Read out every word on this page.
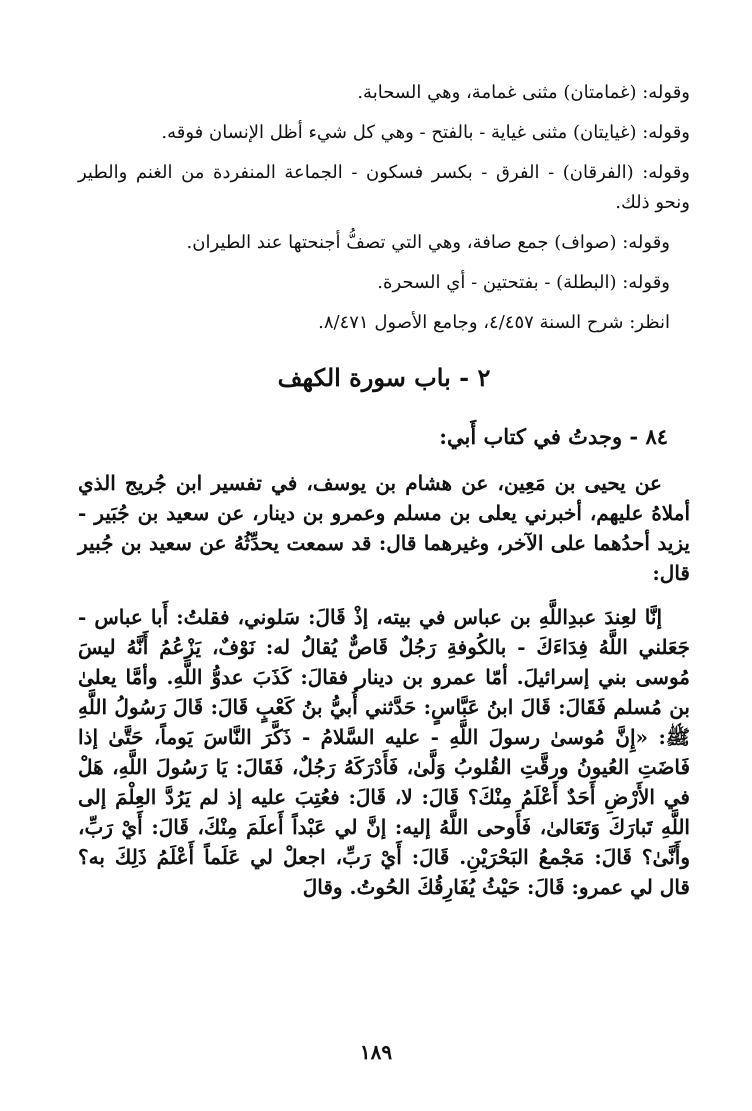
وقوله: (غمامتان) مثنى غمامة، وهي السحابة.

وقوله: (غيايتان) مثنى غياية - بالفتح - وهي كل شيء أظل الإنسان فوقه.

وقوله: (الفرقان) - الفرق - بكسر فسكون - الجماعة المنفردة من الغنم والطير ونحو ذلك.

وقوله: (صواف) جمع صافة، وهي التي تصفُّ أجنحتها عند الطيران.

وقوله: (البطلة) - بفتحتين - أي السحرة.

انظر: شرح السنة ٤/٤٥٧، وجامع الأصول ٨/٤٧١.

٢ - باب سورة الكهف

٨٤ - وجدتُ في كتاب أَبي:

عن يحيى بن مَعِين، عن هشام بن يوسف، في تفسير ابن جُريج الذي أملاهُ عليهم، أخبرني يعلى بن مسلم وعمرو بن دينار، عن سعيد بن جُبَير - يزيد أحدُهما على الآخر، وغيرهما قال: قد سمعت يحدِّثُهُ عن سعيد بن جُبير قال:

إنَّا لعِندَ عبدِاللَّهِ بن عباس في بيته، إذْ قَالَ: سَلوني، فقلتُ: أَبا عباس - جَعَلني اللَّهُ فِدَاءَكَ - بالكُوفةِ رَجُلٌ قَاصٌّ يُقالُ له: نَوْفٌ، يَزْعُمُ أَنَّهُ ليسَ مُوسى بني إسرائيلَ. أمّا عمرو بن دينار فقالَ: كَذَبَ عدوُّ اللَّهِ. وأمَّا يعلىٰ بن مُسلم فَقَالَ: قَالَ ابنُ عَبَّاسٍ: حَدَّثني أُبيُّ بنُ كَعْبٍ قَالَ: قَالَ رَسُولُ اللَّهِ ﷺ: «إِنَّ مُوسىٰ رسولَ اللَّهِ - عليه السَّلامُ - ذَكَّرَ النَّاسَ يَوماً، حَتَّىٰ إذا فَاضَتِ العُيونُ ورقَّتِ القُلوبُ وَلَّىٰ، فَأَدْرَكَهُ رَجُلٌ، فَقَالَ: يَا رَسُولَ اللَّهِ، هَلْ في الأَرْضِ أَحَدٌ أَعْلَمُ مِنْكَ؟ قَالَ: لا، قَالَ: فعُتِبَ عليه إذ لم يَرُدَّ العِلْمَ إلى اللَّهِ تَبارَكَ وَتَعَالىٰ، فَأَوحى اللَّهُ إليه: إنَّ لي عَبْداً أَعلَمَ مِنْكَ، قَالَ: أَيْ رَبِّ، وأَنَّىٰ؟ قَالَ: مَجْمعُ البَحْرَيْنِ. قَالَ: أَيْ رَبِّ، اجعلْ لي عَلَماً أَعْلَمُ ذَلِكَ به؟ قال لي عمرو: قَالَ: حَيْثُ يُفَارِقُكَ الحُوتُ. وقالَ

١٨٩
